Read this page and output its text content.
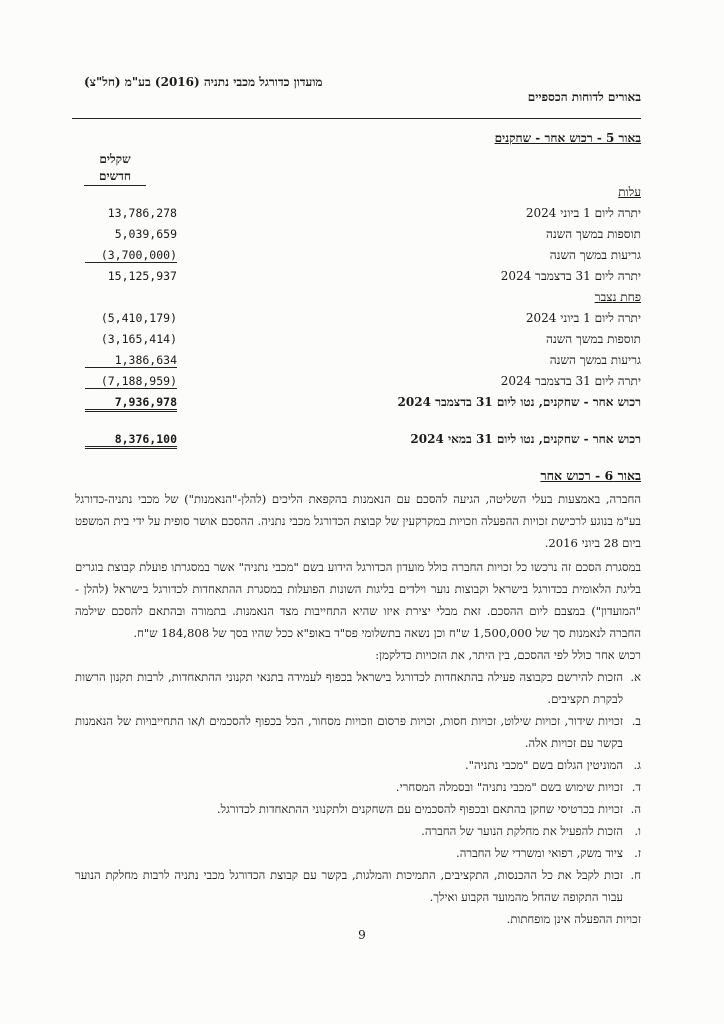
מועדון כדורגל מכבי נתניה (2016) בע"מ (חל"צ)
באורים לדוחות הכספיים
באור 5 - רכוש אחר - שחקנים
שקלים
חדשים
עלות
יתרה ליום 1 ביוני 2024
13,786,278
תוספות במשך השנה
5,039,659
גריעות במשך השנה
(3,700,000)
יתרה ליום 31 בדצמבר 2024
15,125,937
פחת נצבר
יתרה ליום 1 ביוני 2024
(5,410,179)
תוספות במשך השנה
(3,165,414)
גריעות במשך השנה
1,386,634
יתרה ליום 31 בדצמבר 2024
(7,188,959)
רכוש אחר - שחקנים, נטו ליום 31 בדצמבר 2024
7,936,978
רכוש אחר - שחקנים, נטו ליום 31 במאי 2024
8,376,100
באור 6 - רכוש אחר
החברה, באמצעות בעלי השליטה, הגיעה להסכם עם הנאמנות בהקפאת הליכים (להלן-"הנאמנות") של מכבי נתניה-כדורגל בע"מ בנוגע לרכישת זכויות ההפעלה וזכויות במקרקעין של קבוצת הכדורגל מכבי נתניה. ההסכם אושר סופית על ידי בית המשפט ביום 28 ביוני 2016.
במסגרת הסכם זה נרכשו כל זכויות החברה כולל מועדון הכדורגל הידוע בשם "מכבי נתניה" אשר במסגרתו פועלת קבוצת בוגרים בליגת הלאומית בכדורגל בישראל וקבוצות נוער וילדים בליגות השונות הפועלות במסגרת ההתאחדות לכדורגל בישראל (להלן - "המועדון") במצבם ליום ההסכם. זאת מבלי יצירת איזו שהיא התחייבות מצד הנאמנות. בתמורה ובהתאם להסכם שילמה החברה לנאמנות סך של 1,500,000 ש"ח וכן נשאה בתשלומי פס"ד באופ"א ככל שהיו בסך של 184,808 ש"ח.
רכוש אחר כולל לפי ההסכם, בין היתר, את הזכויות כדלקמן:
א.
הזכות להירשם כקבוצה פעילה בהתאחדות לכדורגל בישראל בכפוף לעמידה בתנאי תקנוני ההתאחדות, לרבות תקנון הרשות לבקרת תקציבים.
ב.
זכויות שידור, זכויות שילוט, זכויות חסות, זכויות פרסום וזכויות מסחור, הכל בכפוף להסכמים ו/או התחייבויות של הנאמנות בקשר עם זכויות אלה.
ג.
המוניטין הגלום בשם "מכבי נתניה".
ד.
זכויות שימוש בשם "מכבי נתניה" ובסמלה המסחרי.
ה.
זכויות בכרטיסי שחקן בהתאם ובכפוף להסכמים עם השחקנים ולתקנוני ההתאחדות לכדורגל.
ו.
הזכות להפעיל את מחלקת הנוער של החברה.
ז.
ציוד משק, רפואי ומשרדי של החברה.
ח.
זכות לקבל את כל ההכנסות, התקציבים, התמיכות והמלגות, בקשר עם קבוצת הכדורגל מכבי נתניה לרבות מחלקת הנוער עבור התקופה שהחל מהמועד הקבוע ואילך.
זכויות ההפעלה אינן מופחתות.
9
